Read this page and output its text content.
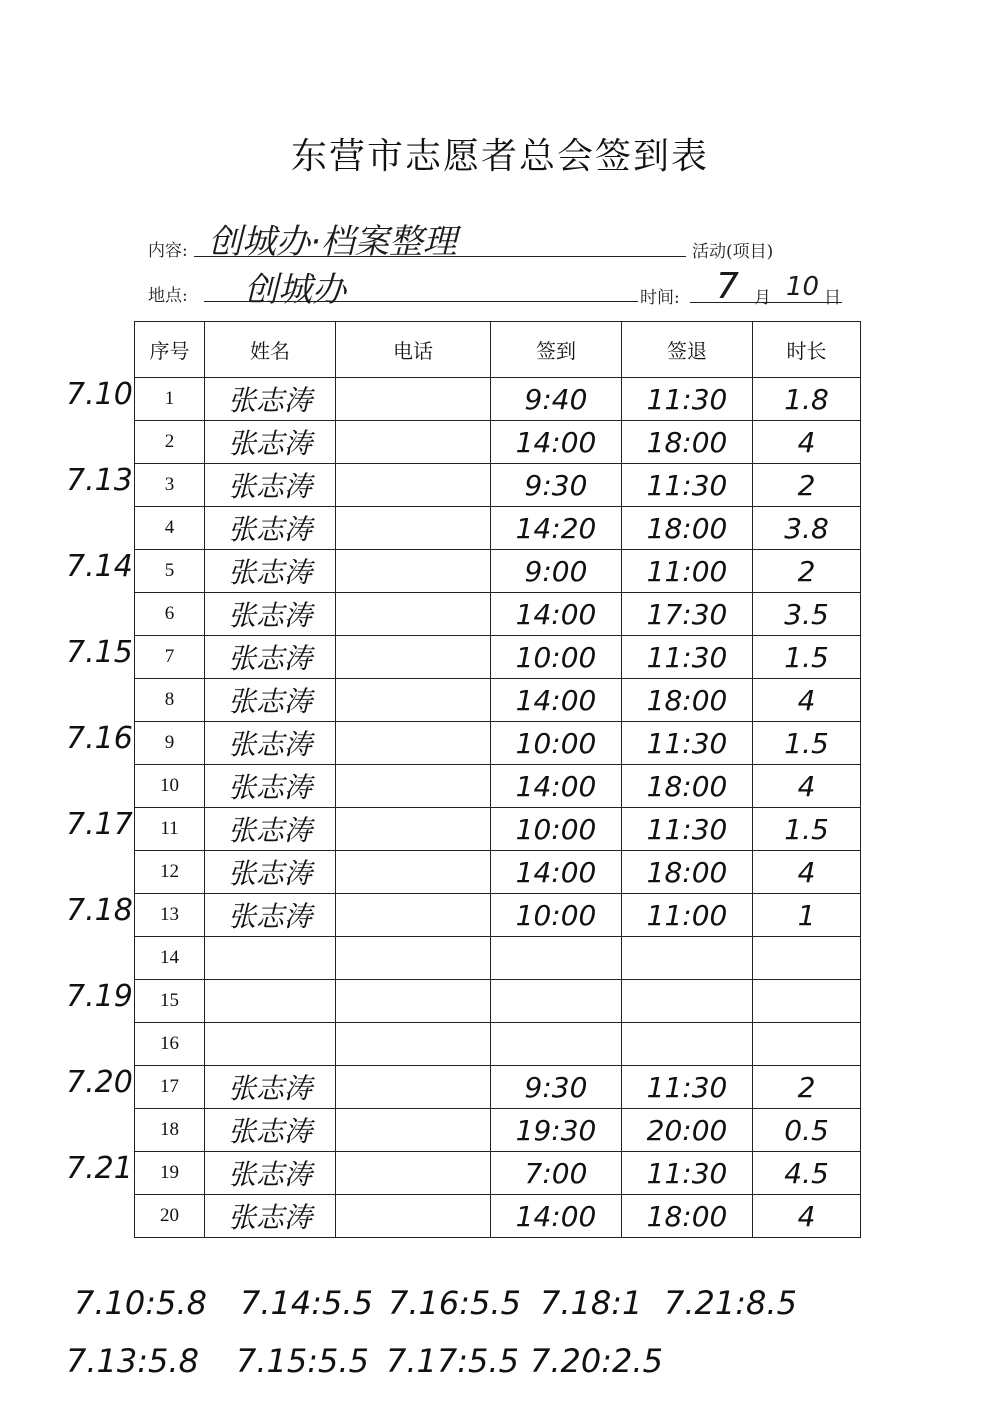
东营市志愿者总会签到表
内容: 创城办·档案整理	活动(项目)
地点: 创城办	时间: 7 月 10 日
序号	姓名	电话	签到	签退	时长
1	张志涛		9:40	11:30	1.8
2	张志涛		14:00	18:00	4
3	张志涛		9:30	11:30	2
4	张志涛		14:20	18:00	3.8
5	张志涛		9:00	11:00	2
6	张志涛		14:00	17:30	3.5
7	张志涛		10:00	11:30	1.5
8	张志涛		14:00	18:00	4
9	张志涛		10:00	11:30	1.5
10	张志涛		14:00	18:00	4
11	张志涛		10:00	11:30	1.5
12	张志涛		14:00	18:00	4
13	张志涛		10:00	11:00	1
14					
15					
16					
17	张志涛		9:30	11:30	2
18	张志涛		19:30	20:00	0.5
19	张志涛		7:00	11:30	4.5
20	张志涛		14:00	18:00	4
7.10
7.13
7.14
7.15
7.16
7.17
7.18
7.19
7.20
7.21
7.10:5.8 7.14:5.5 7.16:5.5 7.18:1 7.21:8.5
7.13:5.8 7.15:5.5 7.17:5.5 7.20:2.5
